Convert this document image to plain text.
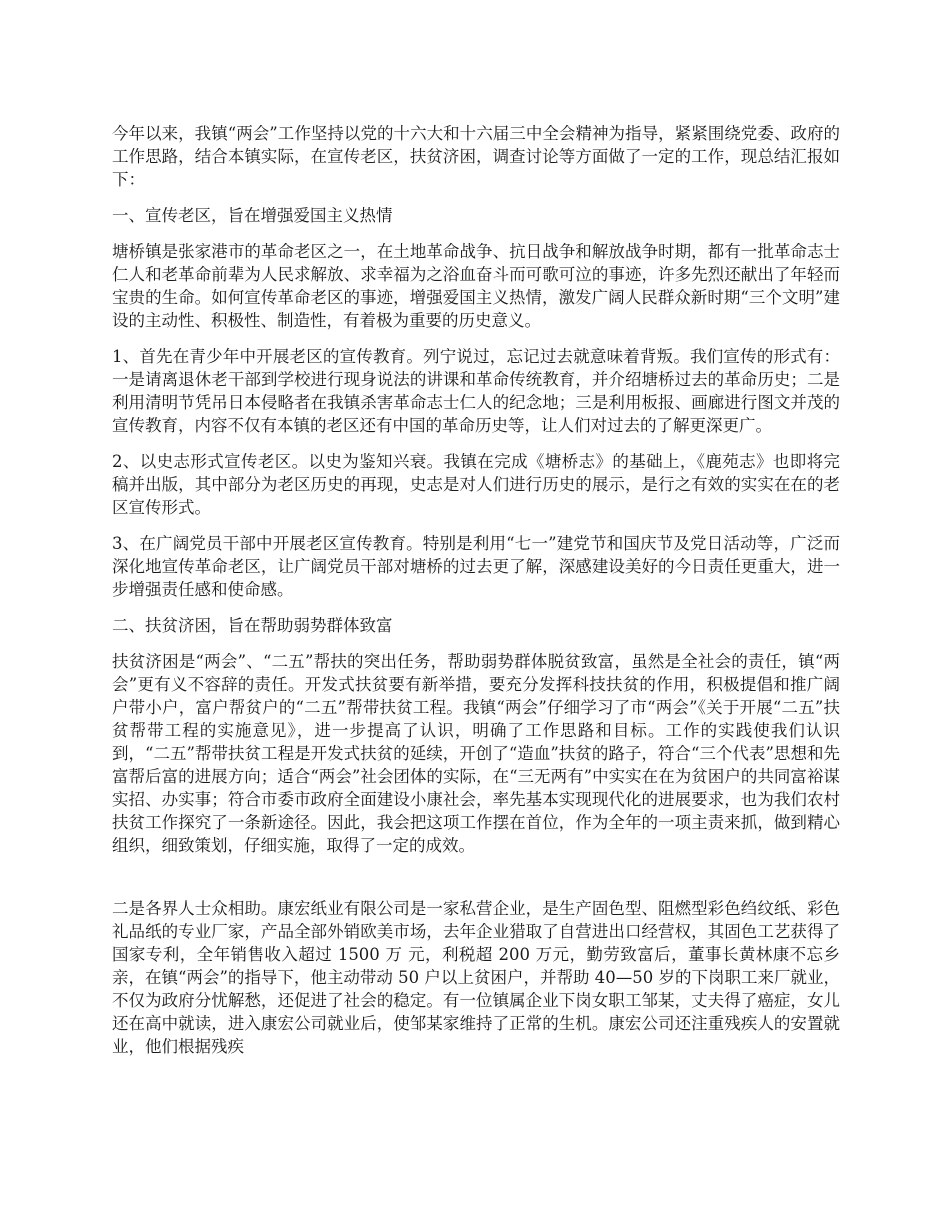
今年以来，我镇“两会”工作坚持以党的十六大和十六届三中全会精神为指导，紧紧围绕党委、政府的工作思路，结合本镇实际，在宣传老区，扶贫济困，调查讨论等方面做了一定的工作，现总结汇报如下：

一、宣传老区，旨在增强爱国主义热情

塘桥镇是张家港市的革命老区之一，在土地革命战争、抗日战争和解放战争时期，都有一批革命志士仁人和老革命前辈为人民求解放、求幸福为之浴血奋斗而可歌可泣的事迹，许多先烈还献出了年轻而宝贵的生命。如何宣传革命老区的事迹，增强爱国主义热情，激发广阔人民群众新时期“三个文明”建设的主动性、积极性、制造性，有着极为重要的历史意义。

1、首先在青少年中开展老区的宣传教育。列宁说过，忘记过去就意味着背叛。我们宣传的形式有：一是请离退休老干部到学校进行现身说法的讲课和革命传统教育，并介绍塘桥过去的革命历史；二是利用清明节凭吊日本侵略者在我镇杀害革命志士仁人的纪念地；三是利用板报、画廊进行图文并茂的宣传教育，内容不仅有本镇的老区还有中国的革命历史等，让人们对过去的了解更深更广。

2、以史志形式宣传老区。以史为鉴知兴衰。我镇在完成《塘桥志》的基础上，《鹿苑志》也即将完稿并出版，其中部分为老区历史的再现，史志是对人们进行历史的展示，是行之有效的实实在在的老区宣传形式。

3、在广阔党员干部中开展老区宣传教育。特别是利用“七一”建党节和国庆节及党日活动等，广泛而深化地宣传革命老区，让广阔党员干部对塘桥的过去更了解，深感建设美好的今日责任更重大，进一步增强责任感和使命感。

二、扶贫济困，旨在帮助弱势群体致富

扶贫济困是“两会”、“二五”帮扶的突出任务，帮助弱势群体脱贫致富，虽然是全社会的责任，镇“两会”更有义不容辞的责任。开发式扶贫要有新举措，要充分发挥科技扶贫的作用，积极提倡和推广阔户带小户，富户帮贫户的“二五”帮带扶贫工程。我镇“两会”仔细学习了市“两会”《关于开展“二五”扶贫帮带工程的实施意见》，进一步提高了认识，明确了工作思路和目标。工作的实践使我们认识到，“二五”帮带扶贫工程是开发式扶贫的延续，开创了“造血”扶贫的路子，符合“三个代表”思想和先富帮后富的进展方向；适合“两会”社会团体的实际，在“三无两有”中实实在在为贫困户的共同富裕谋实招、办实事；符合市委市政府全面建设小康社会，率先基本实现现代化的进展要求，也为我们农村扶贫工作探究了一条新途径。因此，我会把这项工作摆在首位，作为全年的一项主责来抓，做到精心组织，细致策划，仔细实施，取得了一定的成效。

二是各界人士众相助。康宏纸业有限公司是一家私营企业，是生产固色型、阻燃型彩色绉纹纸、彩色礼品纸的专业厂家，产品全部外销欧美市场，去年企业猎取了自营进出口经营权，其固色工艺获得了国家专利，全年销售收入超过 1500 万 元，利税超 200 万元，勤劳致富后，董事长黄林康不忘乡亲，在镇“两会”的指导下，他主动带动 50 户以上贫困户，并帮助 40—50 岁的下岗职工来厂就业，不仅为政府分忧解愁，还促进了社会的稳定。有一位镇属企业下岗女职工邹某，丈夫得了癌症，女儿还在高中就读，进入康宏公司就业后，使邹某家维持了正常的生机。康宏公司还注重残疾人的安置就业，他们根据残疾
